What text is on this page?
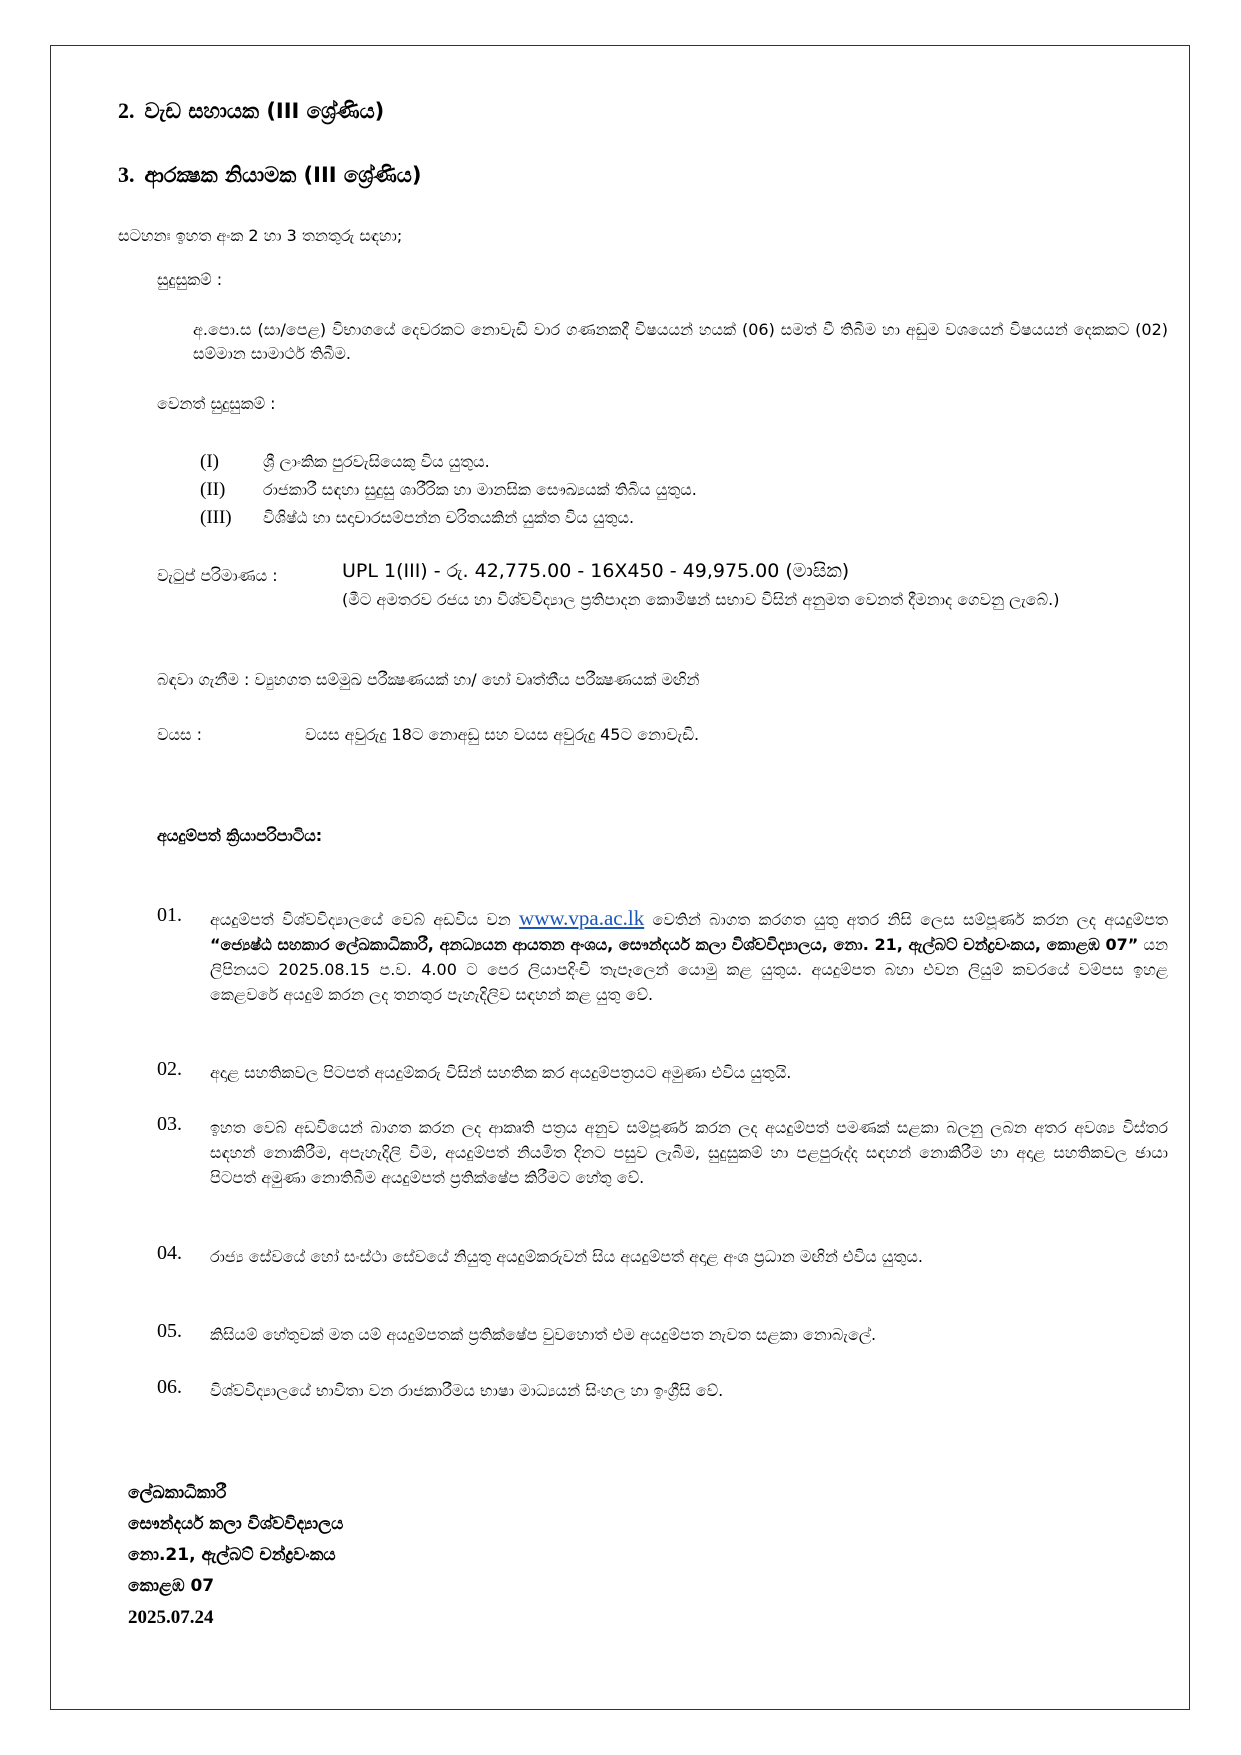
2. වැඩ සහායක (III ශ්‍රේණිය)
3. ආරක්‍ෂක නියාමක (III ශ්‍රේණිය)
සටහනඃ ඉහත අංක 2 හා 3 තනතුරු සඳහා;
සුදුසුකම් :
අ.පො.ස (සා/පෙළ) විභාගයේ දෙවරකට නොවැඩි වාර ගණනකදී විෂයයන් හයක් (06) සමත් වී තිබීම හා අඩුම වශයෙන් විෂයයන් දෙකකට (02) සම්මාන සාමාර්ථ තිබීම.
වෙනත් සුදුසුකම් :
(I)	ශ්‍රී ලාංකික පුරවැසියෙකු විය යුතුය.
(II)	රාජකාරී සඳහා සුදුසු ශාරීරික හා මානසික සෞඛ්‍යයක් තිබිය යුතුය.
(III)	විශිෂ්ඨ හා සදාචාරසම්පන්න චරිතයකින් යුක්ත විය යුතුය.
වැටුප් පරිමාණය :	UPL 1(III) - රු. 42,775.00 - 16X450 - 49,975.00 (මාසික)
(මීට අමතරව රජය හා විශ්වවිද්‍යාල ප්‍රතිපාදන කොමිෂන් සභාව විසින් අනුමත වෙනත් දීමනාද ගෙවනු ලැබේ.)
බඳවා ගැනීම : ව්‍යුහගත සම්මුඛ පරීක්‍ෂණයක් හා/ හෝ වෘත්තීය පරීක්‍ෂණයක් මඟින්
වයස :	වයස අවුරුදු 18ට නොඅඩු සහ වයස අවුරුදු 45ට නොවැඩි.
අයදුම්පත් ක්‍රියාපරිපාටිය:
01. අයදුම්පත් විශ්වවිද්‍යාලයේ වෙබ් අඩවිය වන www.vpa.ac.lk වෙතින් බාගත කරගත යුතු අතර නිසි ලෙස සම්පූර්ණ කරන ලද අයදුම්පත “ජ්‍යෙෂ්ඨ සහකාර ලේඛකාධිකාරී, අනධ්‍යයන ආයතන අංශය, සෞන්දර්ය කලා විශ්වවිද්‍යාලය, නො. 21, ඇල්බට් චන්ද්‍රවංකය, කොළඹ 07” යන ලිපිනයට 2025.08.15 ප.ව. 4.00 ට පෙර ලියාපදිංචි තැපෑලෙන් යොමු කළ යුතුය. අයදුම්පත බහා එවන ලියුම් කවරයේ වම්පස ඉහළ කෙළවරේ අයදුම් කරන ලද තනතුර පැහැදිලිව සඳහන් කළ යුතු වේ.
02. අදාළ සහතිකවල පිටපත් අයදුම්කරු විසින් සහතික කර අයදුම්පත්‍රයට අමුණා එවිය යුතුයි.
03. ඉහත වෙබ් අඩවියෙන් බාගත කරන ලද ආකෘති පත්‍රය අනුව සම්පූර්ණ කරන ලද අයදුම්පත් පමණක් සළකා බලනු ලබන අතර අවශ්‍ය විස්තර සඳහන් නොකිරීම, අපැහැදිලි වීම, අයදුම්පත් නියමිත දිනට පසුව ලැබීම, සුදුසුකම් හා පළපුරුද්ද සඳහන් නොකිරීම හා අදාළ සහතිකවල ඡායා පිටපත් අමුණා නොතිබීම අයදුම්පත් ප්‍රතික්ෂේප කිරීමට හේතු වේ.
04. රාජ්‍ය සේවයේ හෝ සංස්ථා සේවයේ නියුතු අයදුම්කරුවන් සිය අයදුම්පත් අදාළ අංශ ප්‍රධාන මඟින් එවිය යුතුය.
05. කිසියම් හේතුවක් මත යම් අයදුම්පතක් ප්‍රතික්ෂේප වුවහොත් එම අයදුම්පත නැවත සළකා නොබැලේ.
06. විශ්වවිද්‍යාලයේ භාවිතා වන රාජකාරීමය භාෂා මාධ්‍යයන් සිංහල හා ඉංග්‍රීසි වේ.
ලේඛකාධිකාරී
සෞන්දර්ය කලා විශ්වවිද්‍යාලය
නො.21, ඇල්බට් චන්ද්‍රවංකය
කොළඹ 07
2025.07.24
